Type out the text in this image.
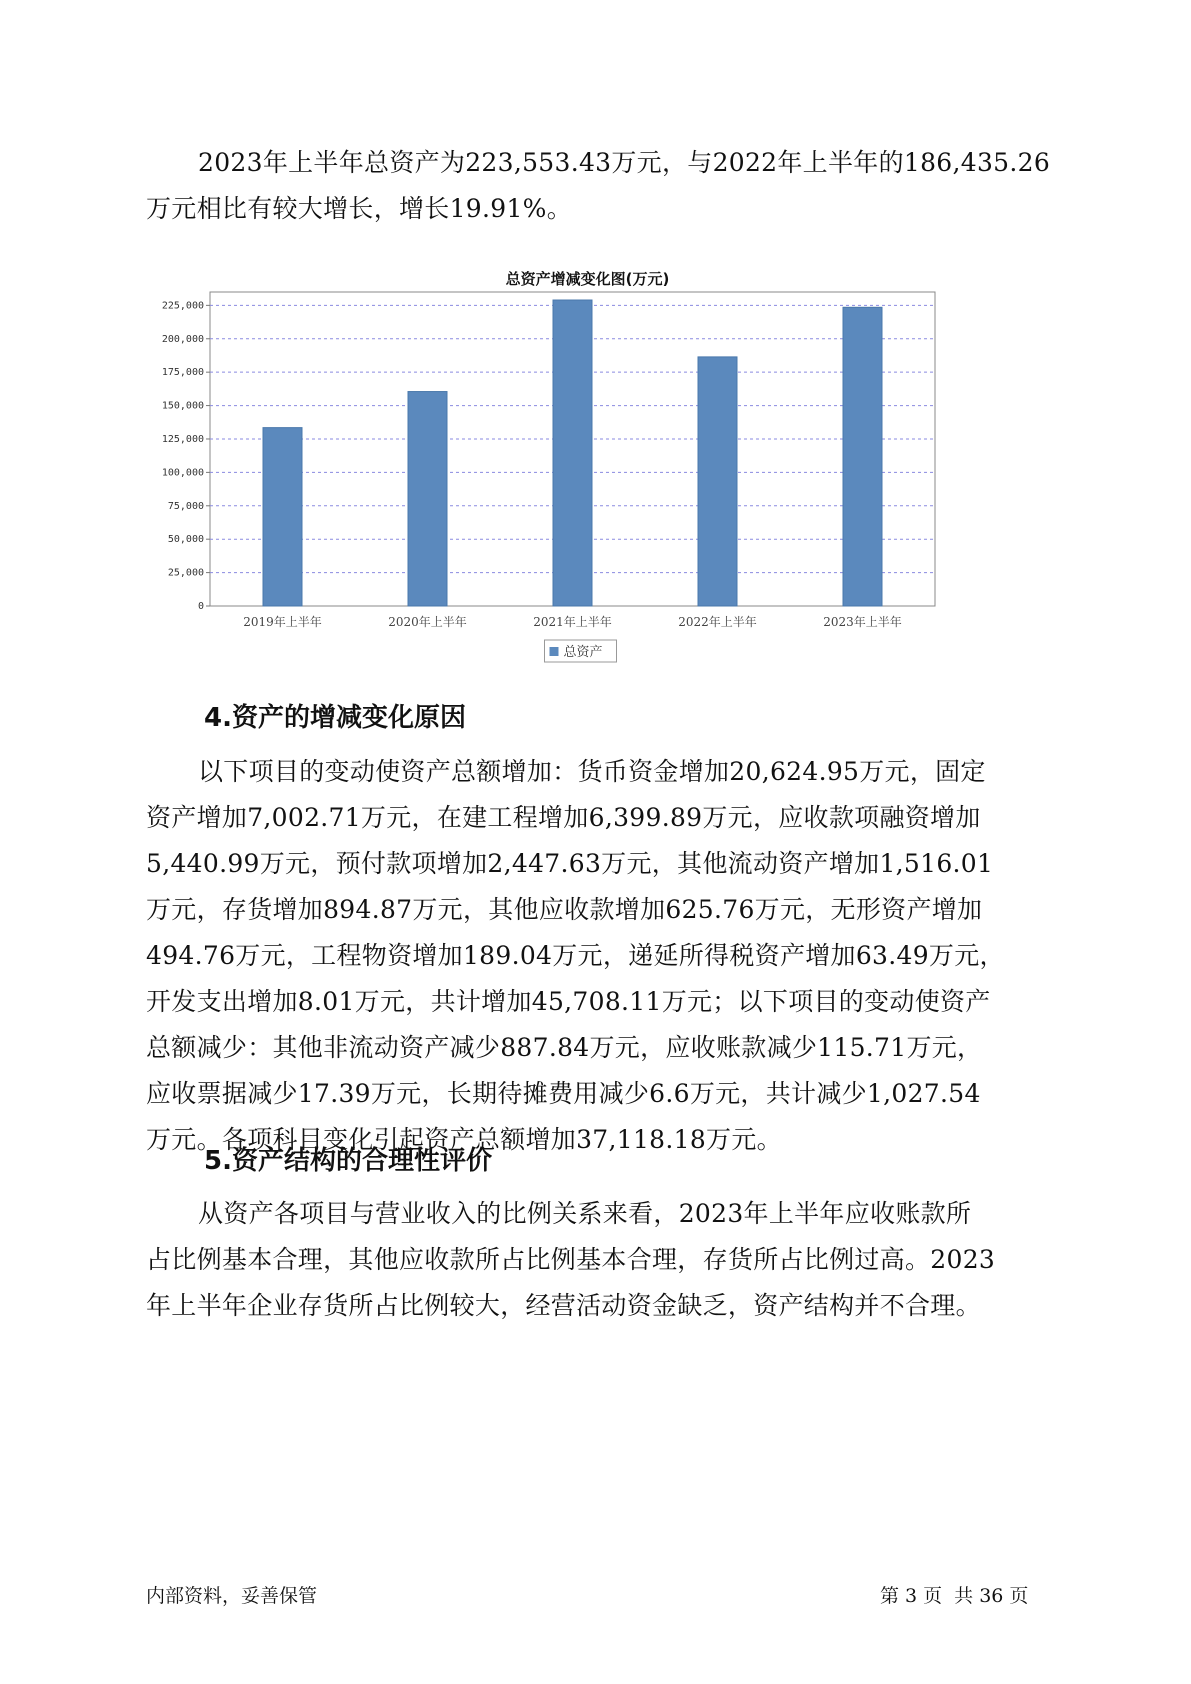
2023年上半年总资产为223,553.43万元，与2022年上半年的186,435.26
万元相比有较大增长，增长19.91%。
总资产增减变化图(万元)
0
25,000
50,000
75,000
100,000
125,000
150,000
175,000
200,000
225,000
2019年上半年	2020年上半年	2021年上半年	2022年上半年	2023年上半年
总资产
4.资产的增减变化原因
以下项目的变动使资产总额增加：货币资金增加20,624.95万元，固定
资产增加7,002.71万元，在建工程增加6,399.89万元，应收款项融资增加
5,440.99万元，预付款项增加2,447.63万元，其他流动资产增加1,516.01
万元，存货增加894.87万元，其他应收款增加625.76万元，无形资产增加
494.76万元，工程物资增加189.04万元，递延所得税资产增加63.49万元，
开发支出增加8.01万元，共计增加45,708.11万元；以下项目的变动使资产
总额减少：其他非流动资产减少887.84万元，应收账款减少115.71万元，
应收票据减少17.39万元，长期待摊费用减少6.6万元，共计减少1,027.54
万元。各项科目变化引起资产总额增加37,118.18万元。
5.资产结构的合理性评价
从资产各项目与营业收入的比例关系来看，2023年上半年应收账款所
占比例基本合理，其他应收款所占比例基本合理，存货所占比例过高。2023
年上半年企业存货所占比例较大，经营活动资金缺乏，资产结构并不合理。
内部资料，妥善保管	第 3 页 共 36 页
